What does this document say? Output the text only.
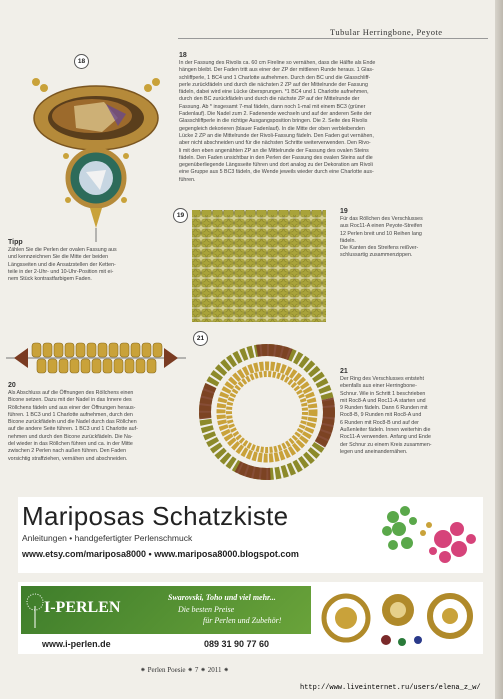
Tubular Herringbone, Peyote
18
18
In der Fassung des Rivolis ca. 60 cm Fireline so vernähen, dass die Hälfte als Ende
hängen bleibt. Der Faden tritt aus einer der ZP der mittleren Runde heraus. 1 Glas-
schliffperle, 1 BC4 und 1 Charlotte aufnehmen. Durch den BC und die Glasschliff-
perle zurückfädeln und durch die nächsten 2 ZP auf der Mittelrunde der Fassung
fädeln, dabei wird eine Lücke übersprungen. *1 BC4 und 1 Charlotte aufnehmen,
durch den BC zurückfädeln und durch die nächste ZP auf der Mittelrunde der
Fassung. Ab * insgesamt 7-mal fädeln, dann noch 1-mal mit einem BC3 (grüner
Fadenlauf). Die Nadel zum 2. Fadenende wechseln und auf der anderen Seite der
Glasschliffperle in die richtige Ausgangsposition bringen. Die 2. Seite des Rivolis
gegengleich dekorieren (blauer Fadenlauf). In die Mitte der oben verbleibenden
Lücke 2 ZP an die Mittelrunde der Rivoli-Fassung fädeln. Den Faden gut vernähen,
aber nicht abschneiden und für die nächsten Schritte weiterverwenden. Den Rivo-
li mit den eben angenähten ZP an die Mittelrunde der Fassung des ovalen Steins
fädeln. Den Faden unsichtbar in den Perlen der Fassung des ovalen Steins auf die
gegenüberliegende Längsseite führen und dort analog zu der Dekoration am Rivoli
eine Gruppe aus 5 BC3 fädeln, die Wende jeweils wieder durch eine Charlotte aus-
führen.
Tipp
Zählen Sie die Perlen der ovalen Fassung aus
und kennzeichnen Sie die Mitte der beiden
Längsseiten und die Ansatzstellen der Ketten-
teile in der 2-Uhr- und 10-Uhr-Position mit ei-
nem Stück kontrastfarbigem Faden.
19
19
Für das Röllchen des Verschlusses
aus Roc11-A einen Peyote-Streifen
12 Perlen breit und 10 Reihen lang
fädeln.
Die Kanten des Streifens reißver-
schlussartig zusammenzippen.
20
Als Abschluss auf die Öffnungen des Röllchens einen
Bicone setzen. Dazu mit der Nadel in das Innere des
Röllchens fädeln und aus einer der Öffnungen heraus-
führen. 1 BC3 und 1 Charlotte aufnehmen, durch den
Bicone zurückfädeln und die Nadel durch das Röllchen
auf die andere Seite führen. 1 BC3 und 1 Charlotte auf-
nehmen und durch den Bicone zurückfädeln. Die Na-
del wieder in das Röllchen führen und ca. in der Mitte
zwischen 2 Perlen nach außen führen. Den Faden
vorsichtig straffziehen, vernähen und abschneiden.
21
21
Der Ring des Verschlusses entsteht
ebenfalls aus einer Herringbone-
Schnur. Wie in Schritt 1 beschrieben
mit Roc8-A und Roc11-A starten und
9 Runden fädeln. Dann 6 Runden mit
Roc8-B, 9 Runden mit Roc8-A und
6 Runden mit Roc8-B und auf der
Außenleiter fädeln. Innen weiterhin die
Roc11-A verwenden. Anfang und Ende
der Schnur zu einem Kreis zusammen-
legen und aneinandernähen.
Mariposas Schatzkiste
Anleitungen • handgefertigter Perlenschmuck
www.etsy.com/mariposa8000 • www.mariposa8000.blogspot.com
I-PERLEN
Swarovski, Toho und viel mehr...
Die besten Preise
für Perlen und Zubehör!
www.i-perlen.de	089 31 90 77 60
⁕ Perlen Poesie ⁕ 7 ⁕ 2011 ⁕
http://www.liveinternet.ru/users/elena_z_w/
